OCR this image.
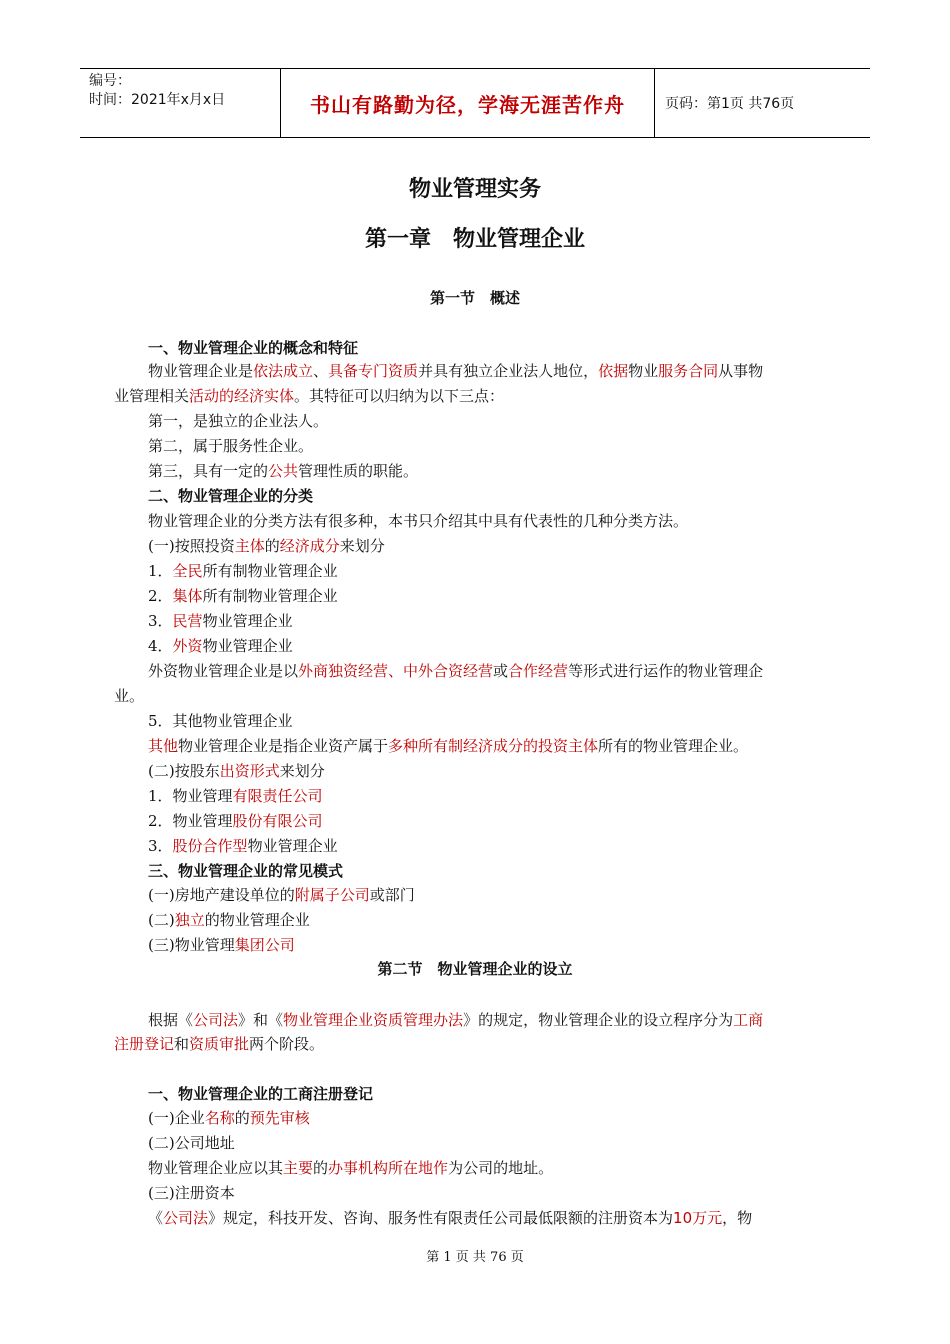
编号：
时间：2021年x月x日	书山有路勤为径，学海无涯苦作舟	页码：第1页 共76页
物业管理实务
第一章　物业管理企业
第一节　概述
第二节　物业管理企业的设立
一、物业管理企业的概念和特征
物业管理企业是依法成立、具备专门资质并具有独立企业法人地位，依据物业服务合同从事物
业管理相关活动的经济实体。其特征可以归纳为以下三点：
第一，是独立的企业法人。
第二，属于服务性企业。
第三，具有一定的公共管理性质的职能。
二、物业管理企业的分类
物业管理企业的分类方法有很多种，本书只介绍其中具有代表性的几种分类方法。
(一)按照投资主体的经济成分来划分
1．全民所有制物业管理企业
2．集体所有制物业管理企业
3．民营物业管理企业
4．外资物业管理企业
外资物业管理企业是以外商独资经营、中外合资经营或合作经营等形式进行运作的物业管理企
业。
5．其他物业管理企业
其他物业管理企业是指企业资产属于多种所有制经济成分的投资主体所有的物业管理企业。
(二)按股东出资形式来划分
1．物业管理有限责任公司
2．物业管理股份有限公司
3．股份合作型物业管理企业
三、物业管理企业的常见模式
(一)房地产建设单位的附属子公司或部门
(二)独立的物业管理企业
(三)物业管理集团公司
根据《公司法》和《物业管理企业资质管理办法》的规定，物业管理企业的设立程序分为工商
注册登记和资质审批两个阶段。
一、物业管理企业的工商注册登记
(一)企业名称的预先审核
(二)公司地址
物业管理企业应以其主要的办事机构所在地作为公司的地址。
(三)注册资本
《公司法》规定，科技开发、咨询、服务性有限责任公司最低限额的注册资本为10万元，物
第 1 页 共 76 页
